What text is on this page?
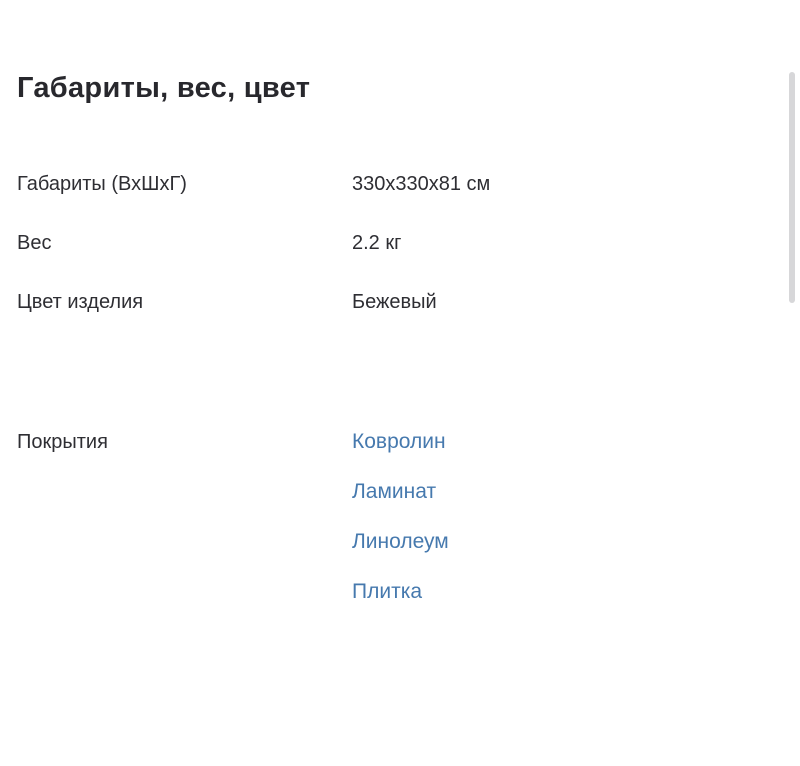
Габариты, вес, цвет
Габариты (ВхШхГ)	330x330x81 см
Вес	2.2 кг
Цвет изделия	Бежевый
Покрытия	Ковролин
Ламинат
Линолеум
Плитка
